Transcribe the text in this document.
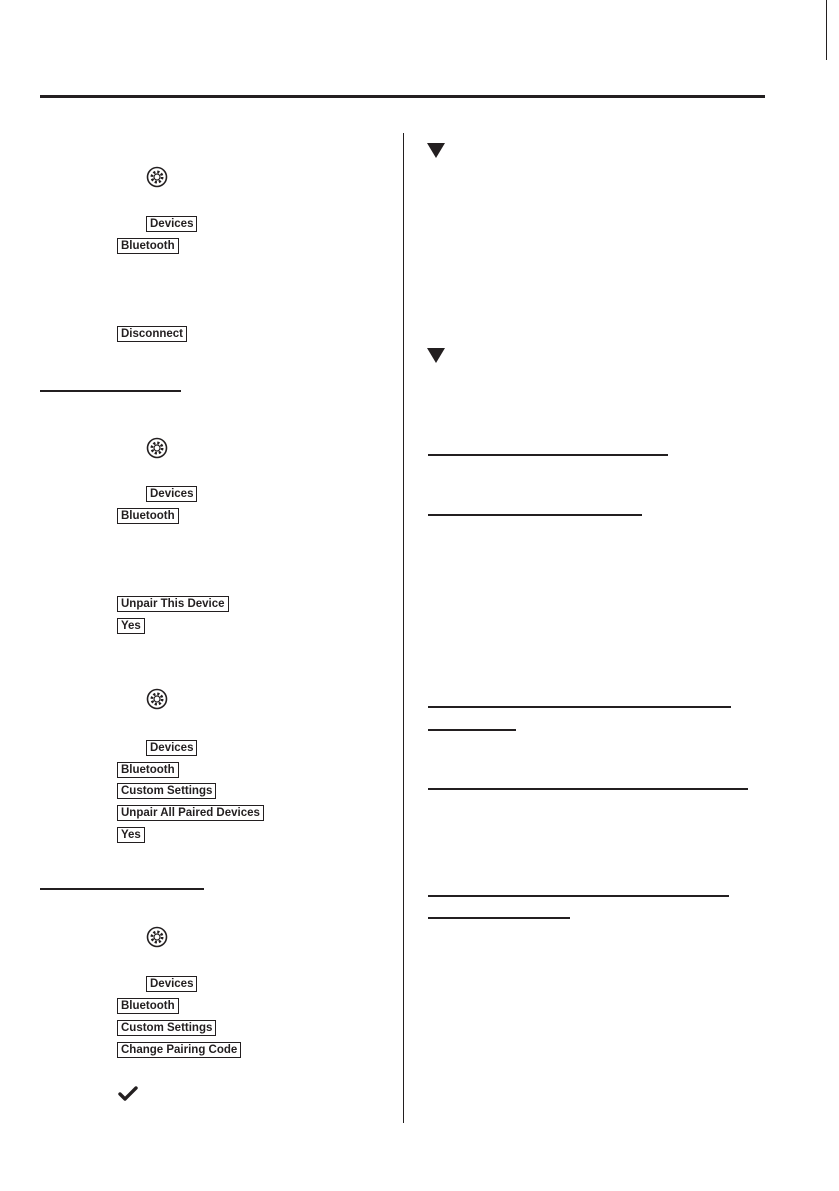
Devices
Bluetooth
Disconnect
Devices
Bluetooth
Unpair This Device
Yes
Devices
Bluetooth
Custom Settings
Unpair All Paired Devices
Yes
Devices
Bluetooth
Custom Settings
Change Pairing Code
